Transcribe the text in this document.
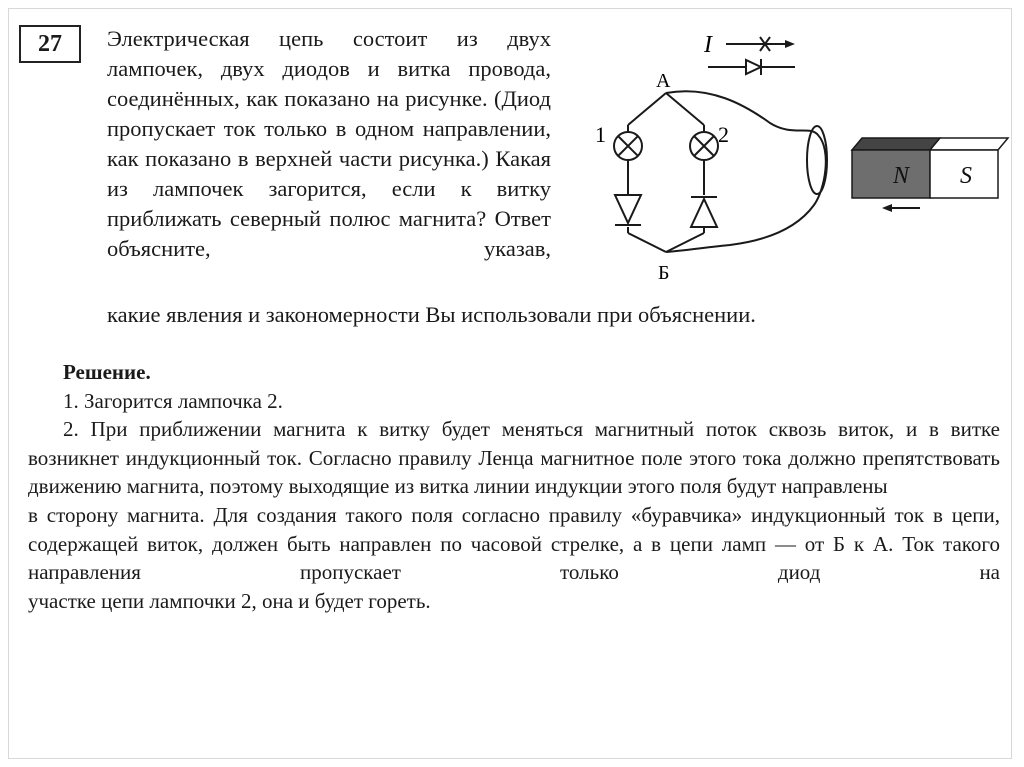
27	Электрическая цепь состоит из двух лампочек, двух диодов и витка провода, соединённых, как показано на рисунке. (Диод пропускает ток только в одном направлении, как показано в верхней части рисунка.) Какая из лампочек загорится, если к витку приближать северный полюс магнита? Ответ объясните, указав,

какие явления и закономерности Вы использовали при объяснении.

I
А
Б
1	2
N S

Решение.

1. Загорится лампочка 2.

2. При приближении магнита к витку будет меняться магнитный поток сквозь виток, и в витке возникнет индукционный ток. Согласно правилу Ленца магнитное поле этого тока должно препятствовать движению магнита, поэтому выходящие из витка линии индукции этого поля будут направлены

в сторону магнита. Для создания такого поля согласно правилу «буравчика» индукционный ток в цепи, содержащей виток, должен быть направлен по часовой стрелке, а в цепи ламп — от Б к А. Ток такого направления пропускает только диод на

участке цепи лампочки 2, она и будет гореть.
